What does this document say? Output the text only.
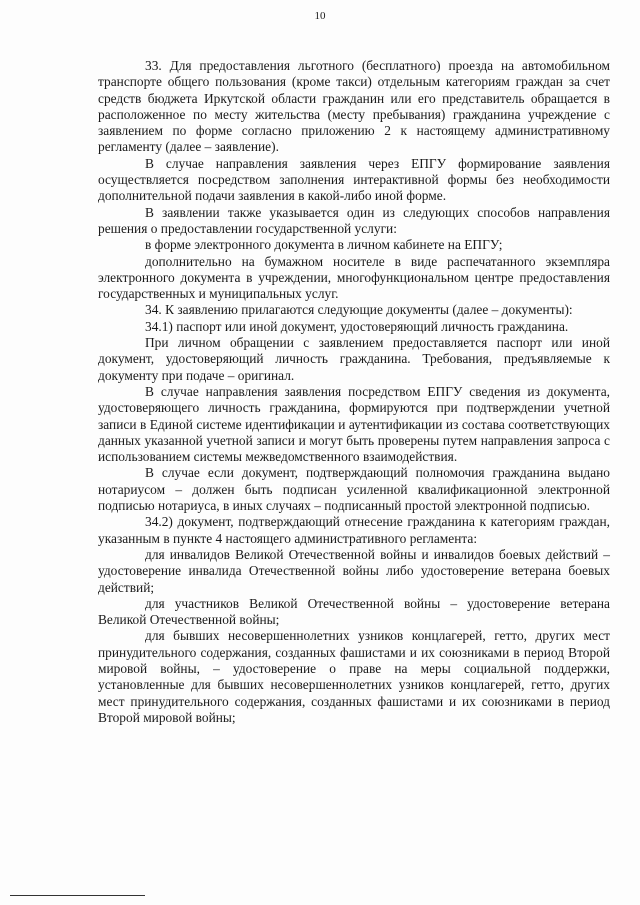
10

33. Для предоставления льготного (бесплатного) проезда на автомобильном транспорте общего пользования (кроме такси) отдельным категориям граждан за счет средств бюджета Иркутской области гражданин или его представитель обращается в расположенное по месту жительства (месту пребывания) гражданина учреждение с заявлением по форме согласно приложению 2 к настоящему административному регламенту (далее – заявление).

В случае направления заявления через ЕПГУ формирование заявления осуществляется посредством заполнения интерактивной формы без необходимости дополнительной подачи заявления в какой-либо иной форме.

В заявлении также указывается один из следующих способов направления решения о предоставлении государственной услуги:

в форме электронного документа в личном кабинете на ЕПГУ;

дополнительно на бумажном носителе в виде распечатанного экземпляра электронного документа в учреждении, многофункциональном центре предоставления государственных и муниципальных услуг.

34. К заявлению прилагаются следующие документы (далее – документы):

34.1) паспорт или иной документ, удостоверяющий личность гражданина.

При личном обращении с заявлением предоставляется паспорт или иной документ, удостоверяющий личность гражданина. Требования, предъявляемые к документу при подаче – оригинал.

В случае направления заявления посредством ЕПГУ сведения из документа, удостоверяющего личность гражданина, формируются при подтверждении учетной записи в Единой системе идентификации и аутентификации из состава соответствующих данных указанной учетной записи и могут быть проверены путем направления запроса с использованием системы межведомственного взаимодействия.

В случае если документ, подтверждающий полномочия гражданина выдано нотариусом – должен быть подписан усиленной квалификационной электронной подписью нотариуса, в иных случаях – подписанный простой электронной подписью.

34.2) документ, подтверждающий отнесение гражданина к категориям граждан, указанным в пункте 4 настоящего административного регламента:

для инвалидов Великой Отечественной войны и инвалидов боевых действий – удостоверение инвалида Отечественной войны либо удостоверение ветерана боевых действий;

для участников Великой Отечественной войны – удостоверение ветерана Великой Отечественной войны;

для бывших несовершеннолетних узников концлагерей, гетто, других мест принудительного содержания, созданных фашистами и их союзниками в период Второй мировой войны, – удостоверение о праве на меры социальной поддержки, установленные для бывших несовершеннолетних узников концлагерей, гетто, других мест принудительного содержания, созданных фашистами и их союзниками в период Второй мировой войны;
